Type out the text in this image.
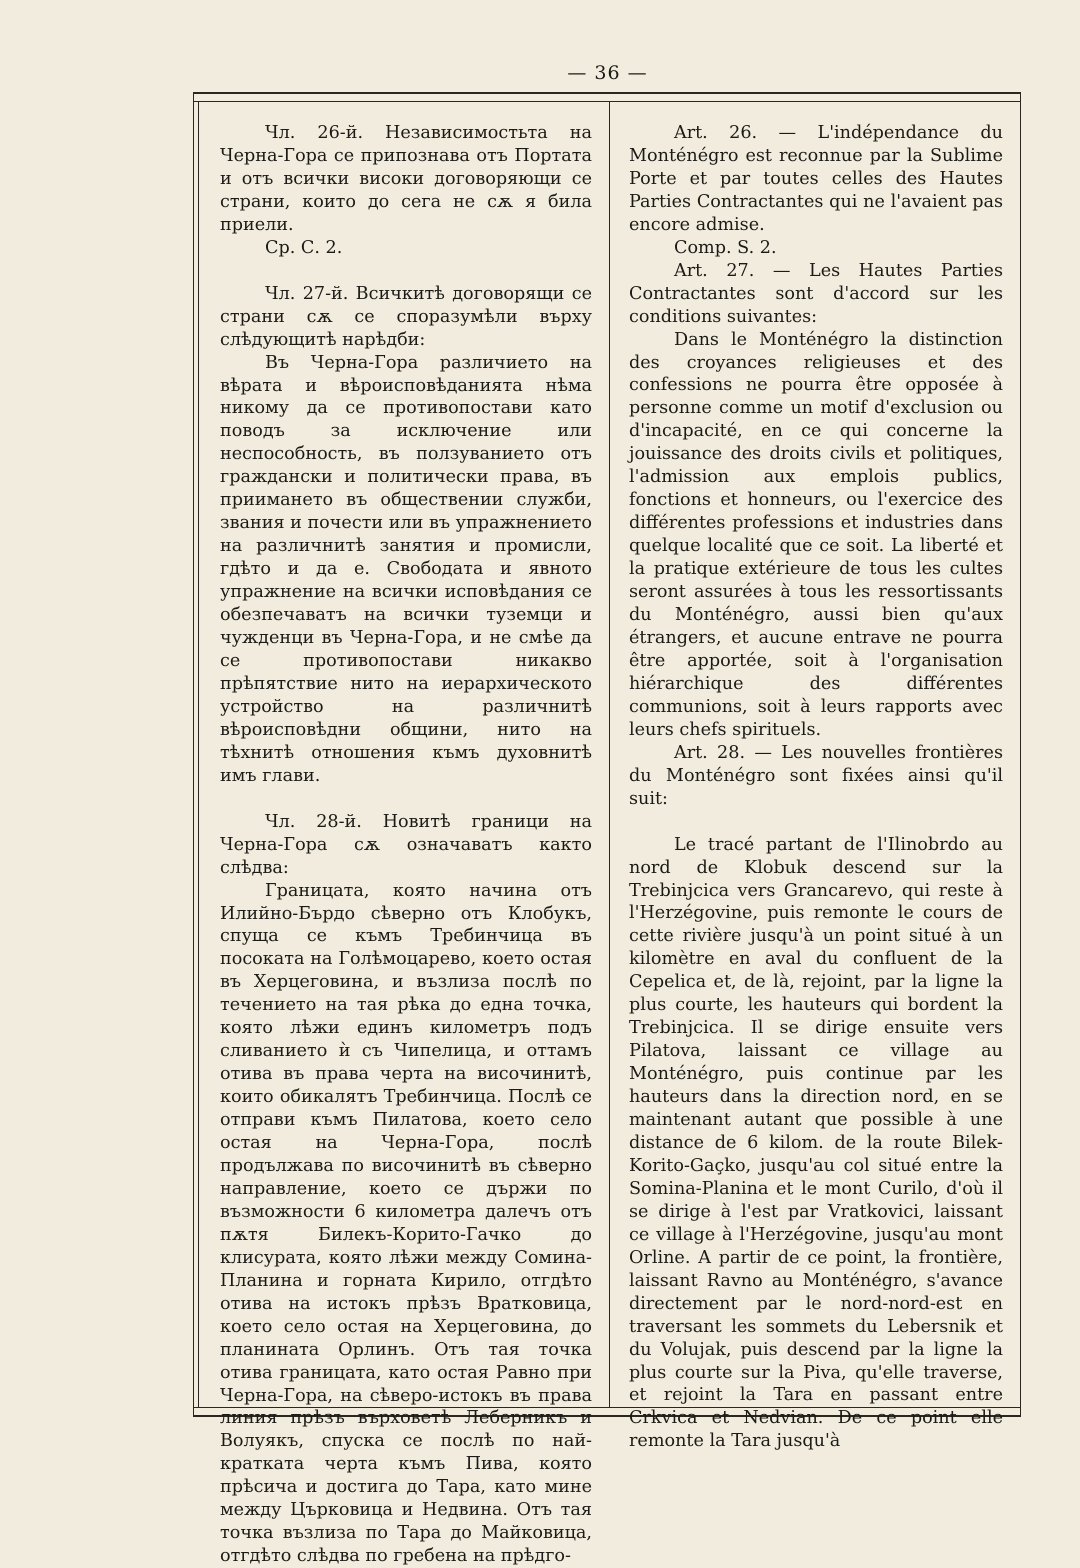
— 36 —

Чл. 26-й. Независимостьта на Черна-Гора се припознава отъ Портата и отъ всички високи договоряющи се страни, които до сега не сѫ я била приели.

Ср. С. 2.

Чл. 27-й. Всичкитѣ договорящи се страни сѫ се споразумѣли върху слѣдующитѣ нарѣдби:

Въ Черна-Гора различието на вѣрата и вѣроисповѣданията нѣма никому да се противопостави като поводъ за исключение или неспособность, въ ползуванието отъ граждански и политически права, въ приимането въ обществении служби, звания и почести или въ упражнението на различнитѣ занятия и промисли, гдѣто и да е. Свободата и явното упражнение на всички исповѣдания се обезпечаватъ на всички туземци и чужденци въ Черна-Гора, и не смѣе да се противопостави никакво прѣпятствие нито на иерархическото устройство на различнитѣ вѣроисповѣдни общини, нито на тѣхнитѣ отношения къмъ духовнитѣ имъ глави.

Чл. 28-й. Новитѣ граници на Черна-Гора сѫ означаватъ както слѣдва:

Границата, която начина отъ Илийно-Бърдо сѣверно отъ Клобукъ, спуща се къмъ Требинчица въ посоката на Голѣмоцарево, което остая въ Херцеговина, и възлиза послѣ по течението на тая рѣка до една точка, която лѣжи единъ километръ подъ сливанието ѝ съ Чипелица, и оттамъ отива въ права черта на височинитѣ, които обикалятъ Требинчица. Послѣ се отправи къмъ Пилатова, което село остая на Черна-Гора, послѣ продължава по височинитѣ въ сѣверно направление, което се държи по възможности 6 километра далечъ отъ пѫтя Билекъ-Корито-Гачко до клисурата, която лѣжи между Сомина-Планина и горната Кирило, отгдѣто отива на истокъ прѣзъ Вратковица, което село остая на Херцеговина, до планината Орлинъ. Отъ тая точка отива границата, като остая Равно при Черна-Гора, на сѣверо-истокъ въ права линия прѣзъ върховетѣ Леберникъ и Волуякъ, спуска се послѣ по най-кратката черта къмъ Пива, която прѣсича и достига до Тара, като мине между Църковица и Недвина. Отъ тая точка възлиза по Тара до Майковица, отгдѣто слѣдва по гребена на прѣдго-

Art. 26. — L'indépendance du Monténégro est reconnue par la Sublime Porte et par toutes celles des Hautes Parties Contractantes qui ne l'avaient pas encore admise.

Comp. S. 2.

Art. 27. — Les Hautes Parties Contractantes sont d'accord sur les conditions suivantes:

Dans le Monténégro la distinction des croyances religieuses et des confessions ne pourra être opposée à personne comme un motif d'exclusion ou d'incapacité, en ce qui concerne la jouissance des droits civils et politiques, l'admission aux emplois publics, fonctions et honneurs, ou l'exercice des différentes professions et industries dans quelque localité que ce soit. La liberté et la pratique extérieure de tous les cultes seront assurées à tous les ressortissants du Monténégro, aussi bien qu'aux étrangers, et aucune entrave ne pourra être apportée, soit à l'organisation hiérarchique des différentes communions, soit à leurs rapports avec leurs chefs spirituels.

Art. 28. — Les nouvelles frontières du Monténégro sont fixées ainsi qu'il suit:

Le tracé partant de l'Ilinobrdo au nord de Klobuk descend sur la Trebinjcica vers Grancarevo, qui reste à l'Herzégovine, puis remonte le cours de cette rivière jusqu'à un point situé à un kilomètre en aval du confluent de la Cepelica et, de là, rejoint, par la ligne la plus courte, les hauteurs qui bordent la Trebinjcica. Il se dirige ensuite vers Pilatova, laissant ce village au Monténégro, puis continue par les hauteurs dans la direction nord, en se maintenant autant que possible à une distance de 6 kilom. de la route Bilek-Korito-Gaçko, jusqu'au col situé entre la Somina-Planina et le mont Curilo, d'où il se dirige à l'est par Vratkovici, laissant ce village à l'Herzégovine, jusqu'au mont Orline. A partir de ce point, la frontière, laissant Ravno au Monténégro, s'avance directement par le nord-nord-est en traversant les sommets du Lebersnik et du Volujak, puis descend par la ligne la plus courte sur la Piva, qu'elle traverse, et rejoint la Tara en passant entre Crkvica et Nedvian. De ce point elle remonte la Tara jusqu'à
